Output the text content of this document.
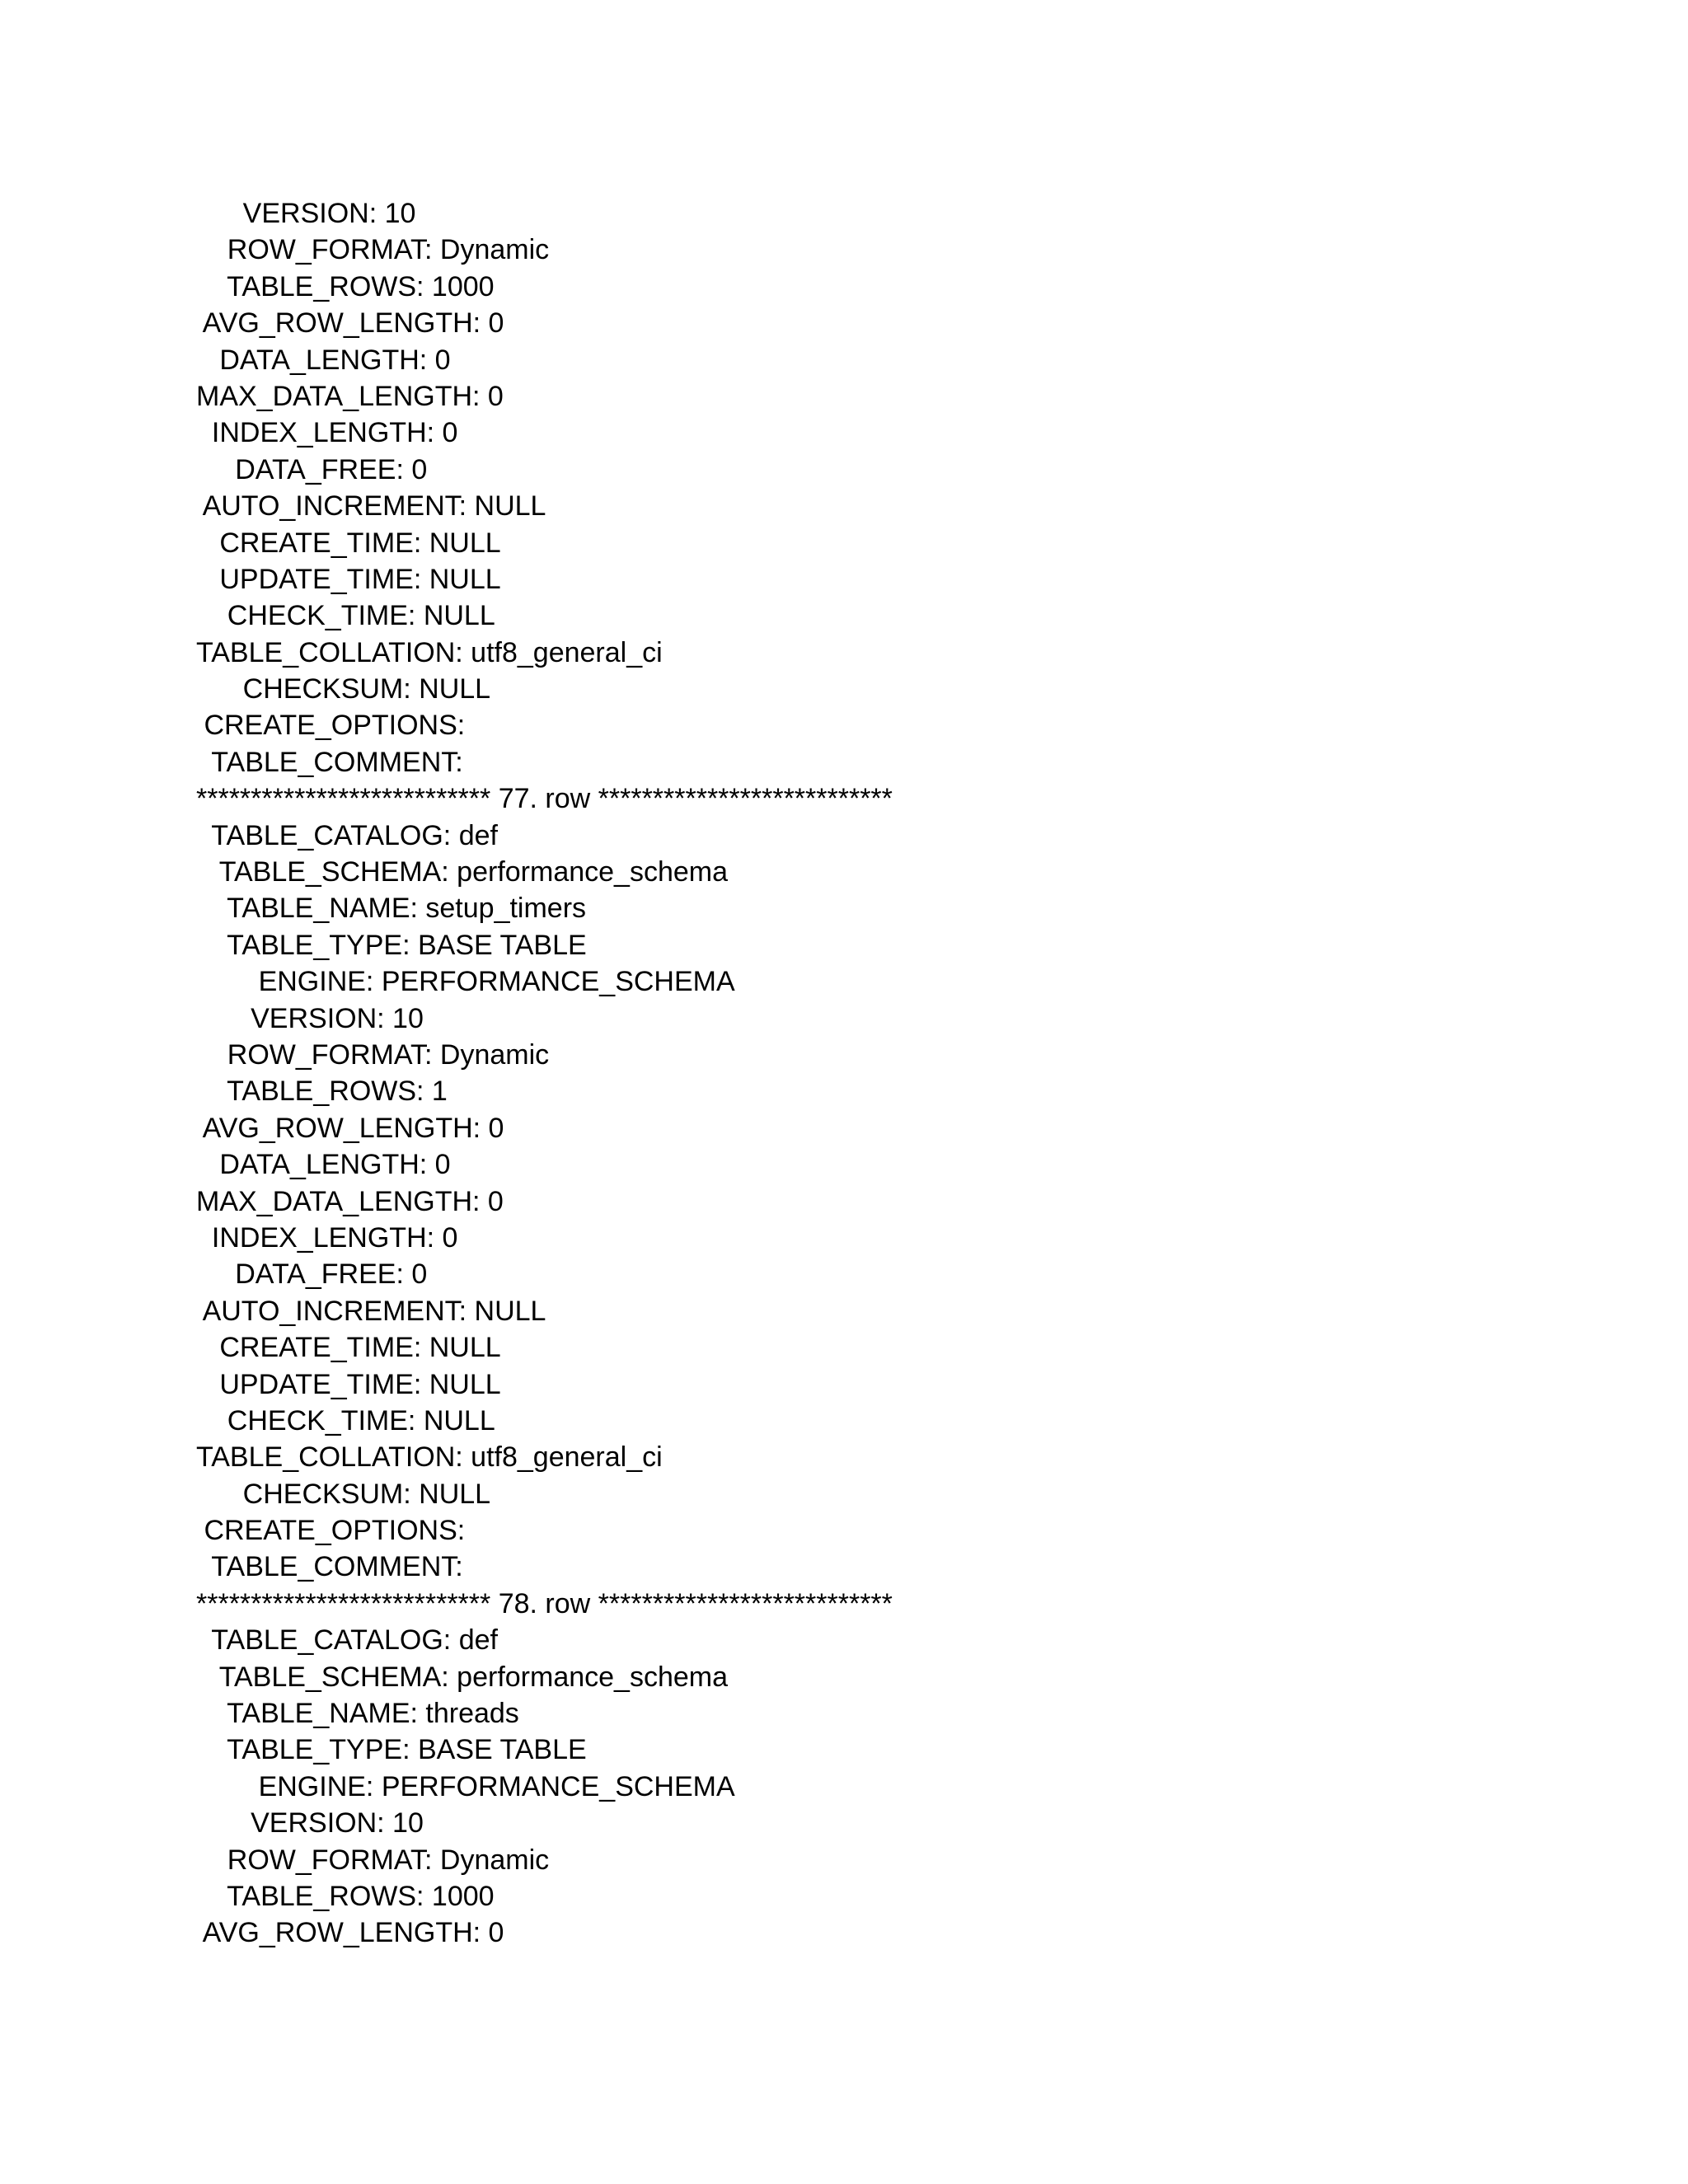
VERSION: 10
ROW_FORMAT: Dynamic
TABLE_ROWS: 1000
AVG_ROW_LENGTH: 0
DATA_LENGTH: 0
MAX_DATA_LENGTH: 0
INDEX_LENGTH: 0
DATA_FREE: 0
AUTO_INCREMENT: NULL
CREATE_TIME: NULL
UPDATE_TIME: NULL
CHECK_TIME: NULL
TABLE_COLLATION: utf8_general_ci
CHECKSUM: NULL
CREATE_OPTIONS:
TABLE_COMMENT:
*************************** 77. row ***************************
TABLE_CATALOG: def
TABLE_SCHEMA: performance_schema
TABLE_NAME: setup_timers
TABLE_TYPE: BASE TABLE
ENGINE: PERFORMANCE_SCHEMA
VERSION: 10
ROW_FORMAT: Dynamic
TABLE_ROWS: 1
AVG_ROW_LENGTH: 0
DATA_LENGTH: 0
MAX_DATA_LENGTH: 0
INDEX_LENGTH: 0
DATA_FREE: 0
AUTO_INCREMENT: NULL
CREATE_TIME: NULL
UPDATE_TIME: NULL
CHECK_TIME: NULL
TABLE_COLLATION: utf8_general_ci
CHECKSUM: NULL
CREATE_OPTIONS:
TABLE_COMMENT:
*************************** 78. row ***************************
TABLE_CATALOG: def
TABLE_SCHEMA: performance_schema
TABLE_NAME: threads
TABLE_TYPE: BASE TABLE
ENGINE: PERFORMANCE_SCHEMA
VERSION: 10
ROW_FORMAT: Dynamic
TABLE_ROWS: 1000
AVG_ROW_LENGTH: 0
